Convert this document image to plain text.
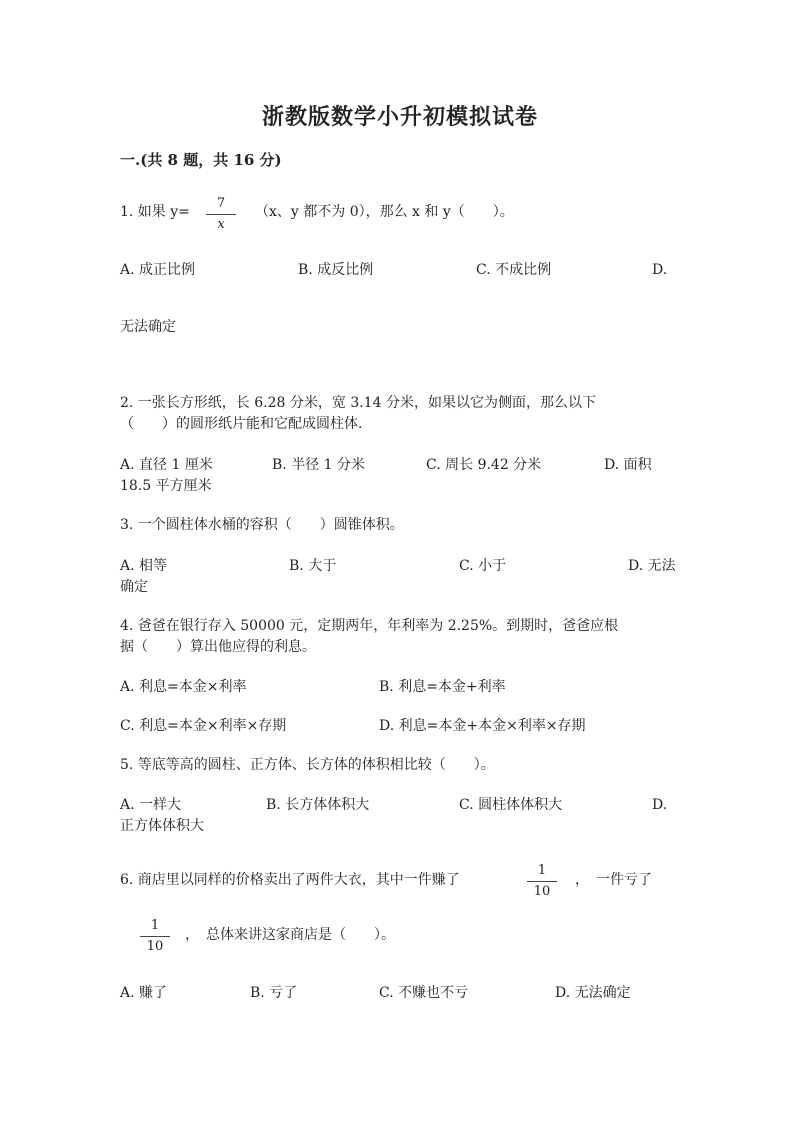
浙教版数学小升初模拟试卷
一.(共 8 题，共 16 分)
1. 如果 $y= \frac{7}{x} (x$、y 都不为 0），那么 x 和 y（　　）。
A. 成正比例	B. 成反比例	C. 不成比例	D.
无法确定
2. 一张长方形纸，长 6.28 分米，宽 3.14 分米，如果以它为侧面，那么以下
（　　）的圆形纸片能和它配成圆柱体.
A. 直径 1 厘米	B. 半径 1 分米	C. 周长 9.42 分米	D. 面积
18.5 平方厘米
3. 一个圆柱体水桶的容积（　　）圆锥体积。
A. 相等	B. 大于	C. 小于	D. 无法
确定
4. 爸爸在银行存入 50000 元，定期两年，年利率为 2.25%。到期时，爸爸应根
据（　　）算出他应得的利息。
A. 利息=本金×利率	B. 利息=本金+利率
C. 利息=本金×利率×存期	D. 利息=本金+本金×利率×存期
5. 等底等高的圆柱、正方体、长方体的体积相比较（　　）。
A. 一样大	B. 长方体体积大	C. 圆柱体体积大	D.
正方体体积大
6. 商店里以同样的价格卖出了两件大衣，其中一件赚了	$\frac{1}{10}$ ，　一件亏了
$\frac{1}{10}$ ，　总体来讲这家商店是（　　）。
A. 赚了	B. 亏了	C. 不赚也不亏	D. 无法确定
